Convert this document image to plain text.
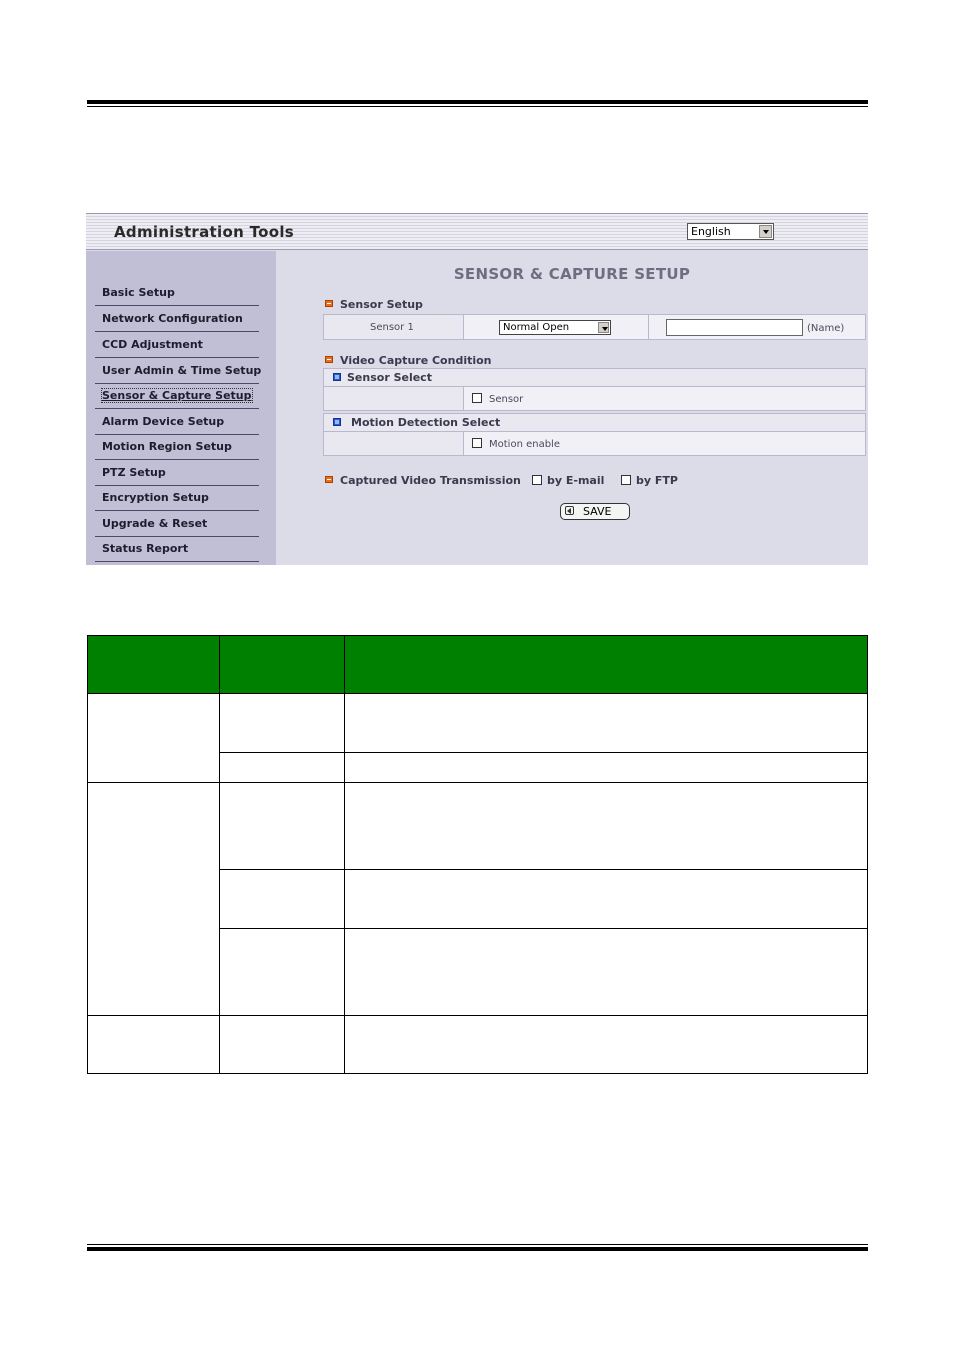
Administration Tools	English
Basic Setup
Network Configuration
CCD Adjustment
User Admin & Time Setup
Sensor & Capture Setup
Alarm Device Setup
Motion Region Setup
PTZ Setup
Encryption Setup
Upgrade & Reset
Status Report
SENSOR & CAPTURE SETUP
Sensor Setup
Sensor 1	Normal Open	(Name)
Video Capture Condition
Sensor Select
Sensor
Motion Detection Select
Motion enable
Captured Video Transmission by E-mail	by FTP
SAVE
